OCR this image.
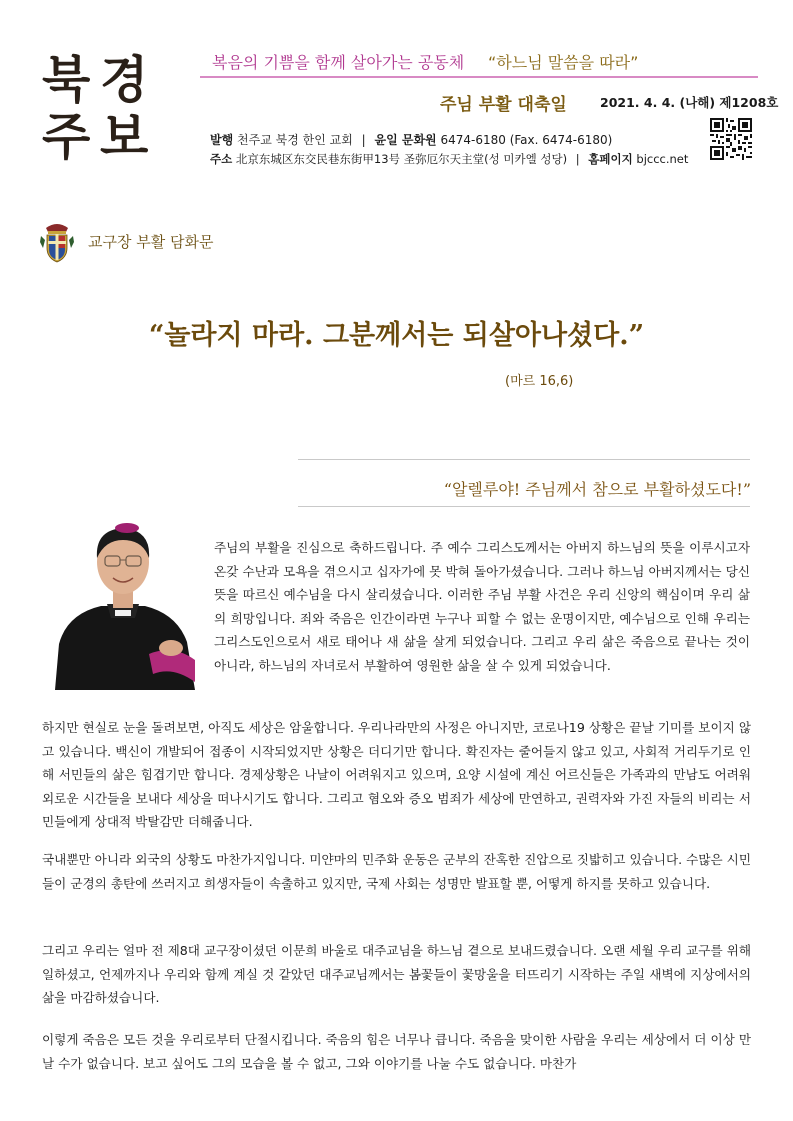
북 경
주 보
복음의 기쁨을 함께 살아가는 공동체 “하느님 말씀을 따라”
주님 부활 대축일	2021. 4. 4. (나해) 제1208호
발행 천주교 북경 한인 교회 | 윤일 문화원 6474-6180 (Fax. 6474-6180)
주소 北京东城区东交民巷东街甲13号 圣弥厄尔天主堂(성 미카엘 성당) | 홈페이지 bjccc.net
교구장 부활 담화문
“놀라지 마라. 그분께서는 되살아나셨다.”
(마르 16,6)
“알렐루야! 주님께서 참으로 부활하셨도다!”

주님의 부활을 진심으로 축하드립니다. 주 예수 그리스도께서는 아버지 하느님의 뜻을 이루시고자 온갖 수난과 모욕을 겪으시고 십자가에 못 박혀 돌아가셨습니다. 그러나 하느님 아버지께서는 당신 뜻을 따르신 예수님을 다시 살리셨습니다. 이러한 주님 부활 사건은 우리 신앙의 핵심이며 우리 삶의 희망입니다. 죄와 죽음은 인간이라면 누구나 피할 수 없는 운명이지만, 예수님으로 인해 우리는 그리스도인으로서 새로 태어나 새 삶을 살게 되었습니다. 그리고 우리 삶은 죽음으로 끝나는 것이 아니라, 하느님의 자녀로서 부활하여 영원한 삶을 살 수 있게 되었습니다.

하지만 현실로 눈을 돌려보면, 아직도 세상은 암울합니다. 우리나라만의 사정은 아니지만, 코로나19 상황은 끝날 기미를 보이지 않고 있습니다. 백신이 개발되어 접종이 시작되었지만 상황은 더디기만 합니다. 확진자는 줄어들지 않고 있고, 사회적 거리두기로 인해 서민들의 삶은 힘겹기만 합니다. 경제상황은 나날이 어려워지고 있으며, 요양 시설에 계신 어르신들은 가족과의 만남도 어려워 외로운 시간들을 보내다 세상을 떠나시기도 합니다. 그리고 혐오와 증오 범죄가 세상에 만연하고, 권력자와 가진 자들의 비리는 서민들에게 상대적 박탈감만 더해줍니다.

국내뿐만 아니라 외국의 상황도 마찬가지입니다. 미얀마의 민주화 운동은 군부의 잔혹한 진압으로 짓밟히고 있습니다. 수많은 시민들이 군경의 총탄에 쓰러지고 희생자들이 속출하고 있지만, 국제 사회는 성명만 발표할 뿐, 어떻게 하지를 못하고 있습니다.

그리고 우리는 얼마 전 제8대 교구장이셨던 이문희 바울로 대주교님을 하느님 곁으로 보내드렸습니다. 오랜 세월 우리 교구를 위해 일하셨고, 언제까지나 우리와 함께 계실 것 같았던 대주교님께서는 봄꽃들이 꽃망울을 터뜨리기 시작하는 주일 새벽에 지상에서의 삶을 마감하셨습니다.

이렇게 죽음은 모든 것을 우리로부터 단절시킵니다. 죽음의 힘은 너무나 큽니다. 죽음을 맞이한 사람을 우리는 세상에서 더 이상 만날 수가 없습니다. 보고 싶어도 그의 모습을 볼 수 없고, 그와 이야기를 나눌 수도 없습니다. 마찬가
